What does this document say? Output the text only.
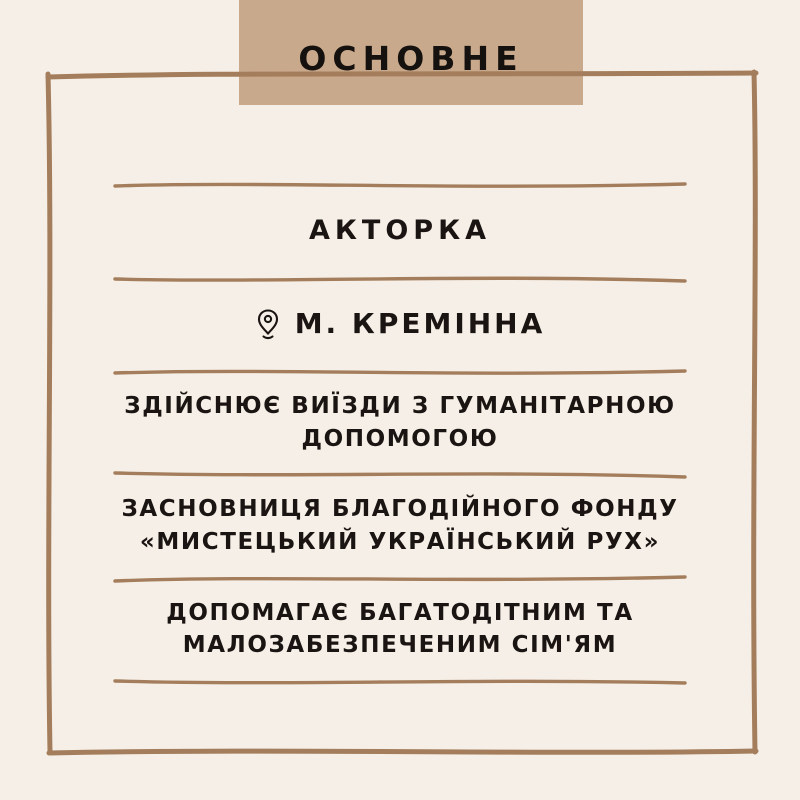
ОСНОВНЕ
АКТОРКА
М. КРЕМІННА
ЗДІЙСНЮЄ ВИЇЗДИ З ГУМАНІТАРНОЮ ДОПОМОГОЮ
ЗАСНОВНИЦЯ БЛАГОДІЙНОГО ФОНДУ
«МИСТЕЦЬКИЙ УКРАЇНСЬКИЙ РУХ»
ДОПОМАГАЄ БАГАТОДІТНИМ ТА
МАЛОЗАБЕЗПЕЧЕНИМ СІМ'ЯМ
